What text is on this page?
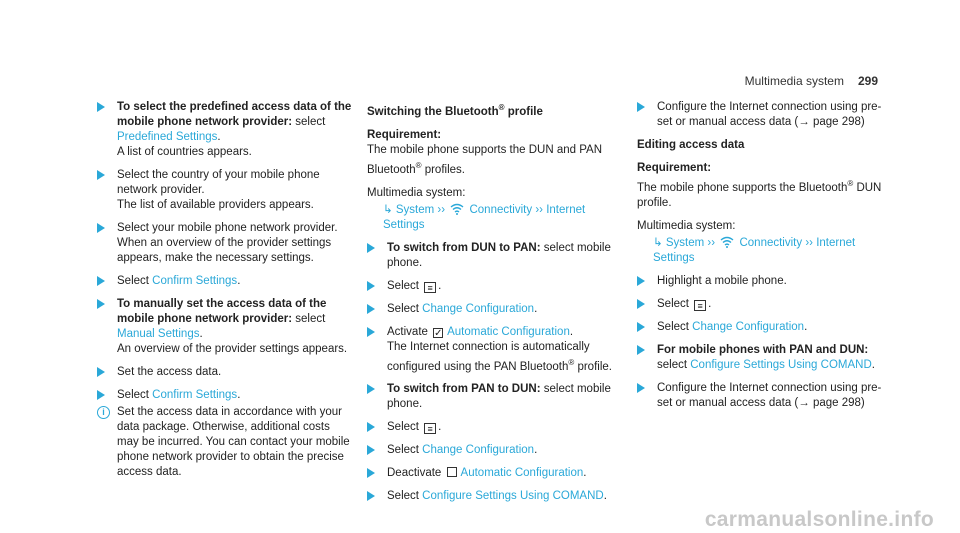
Multimedia system 299
To select the predefined access data of the mobile phone network provider: select
Predefined Settings.
A list of countries appears.
Select the country of your mobile phone network provider.
The list of available providers appears.
Select your mobile phone network provider.
When an overview of the provider settings appears, make the necessary settings.
Select Confirm Settings.
To manually set the access data of the mobile phone network provider: select
Manual Settings.
An overview of the provider settings appears.
Set the access data.
Select Confirm Settings.
i	Set the access data in accordance with your data package. Otherwise, additional costs may be incurred. You can contact your mobile phone network provider to obtain the precise access data.
Switching the Bluetooth® profile
Requirement:
The mobile phone supports the DUN and PAN Bluetooth® profiles.
Multimedia system:
↳ System ›› Connectivity ›› Internet Settings
To switch from DUN to PAN: select mobile phone.
Select ≡ .
Select Change Configuration.
Activate ✓ Automatic Configuration.
The Internet connection is automatically configured using the PAN Bluetooth® profile.
To switch from PAN to DUN: select mobile phone.
Select ≡ .
Select Change Configuration.
Deactivate Automatic Configuration.
Select Configure Settings Using COMAND.
Configure the Internet connection using pre-set or manual access data (→ page 298)
Editing access data
Requirement:
The mobile phone supports the Bluetooth® DUN profile.
Multimedia system:
↳ System ›› Connectivity ›› Internet Settings
Highlight a mobile phone.
Select ≡ .
Select Change Configuration.
For mobile phones with PAN and DUN:
select Configure Settings Using COMAND.
Configure the Internet connection using pre-set or manual access data (→ page 298)
carmanualsonline.info
